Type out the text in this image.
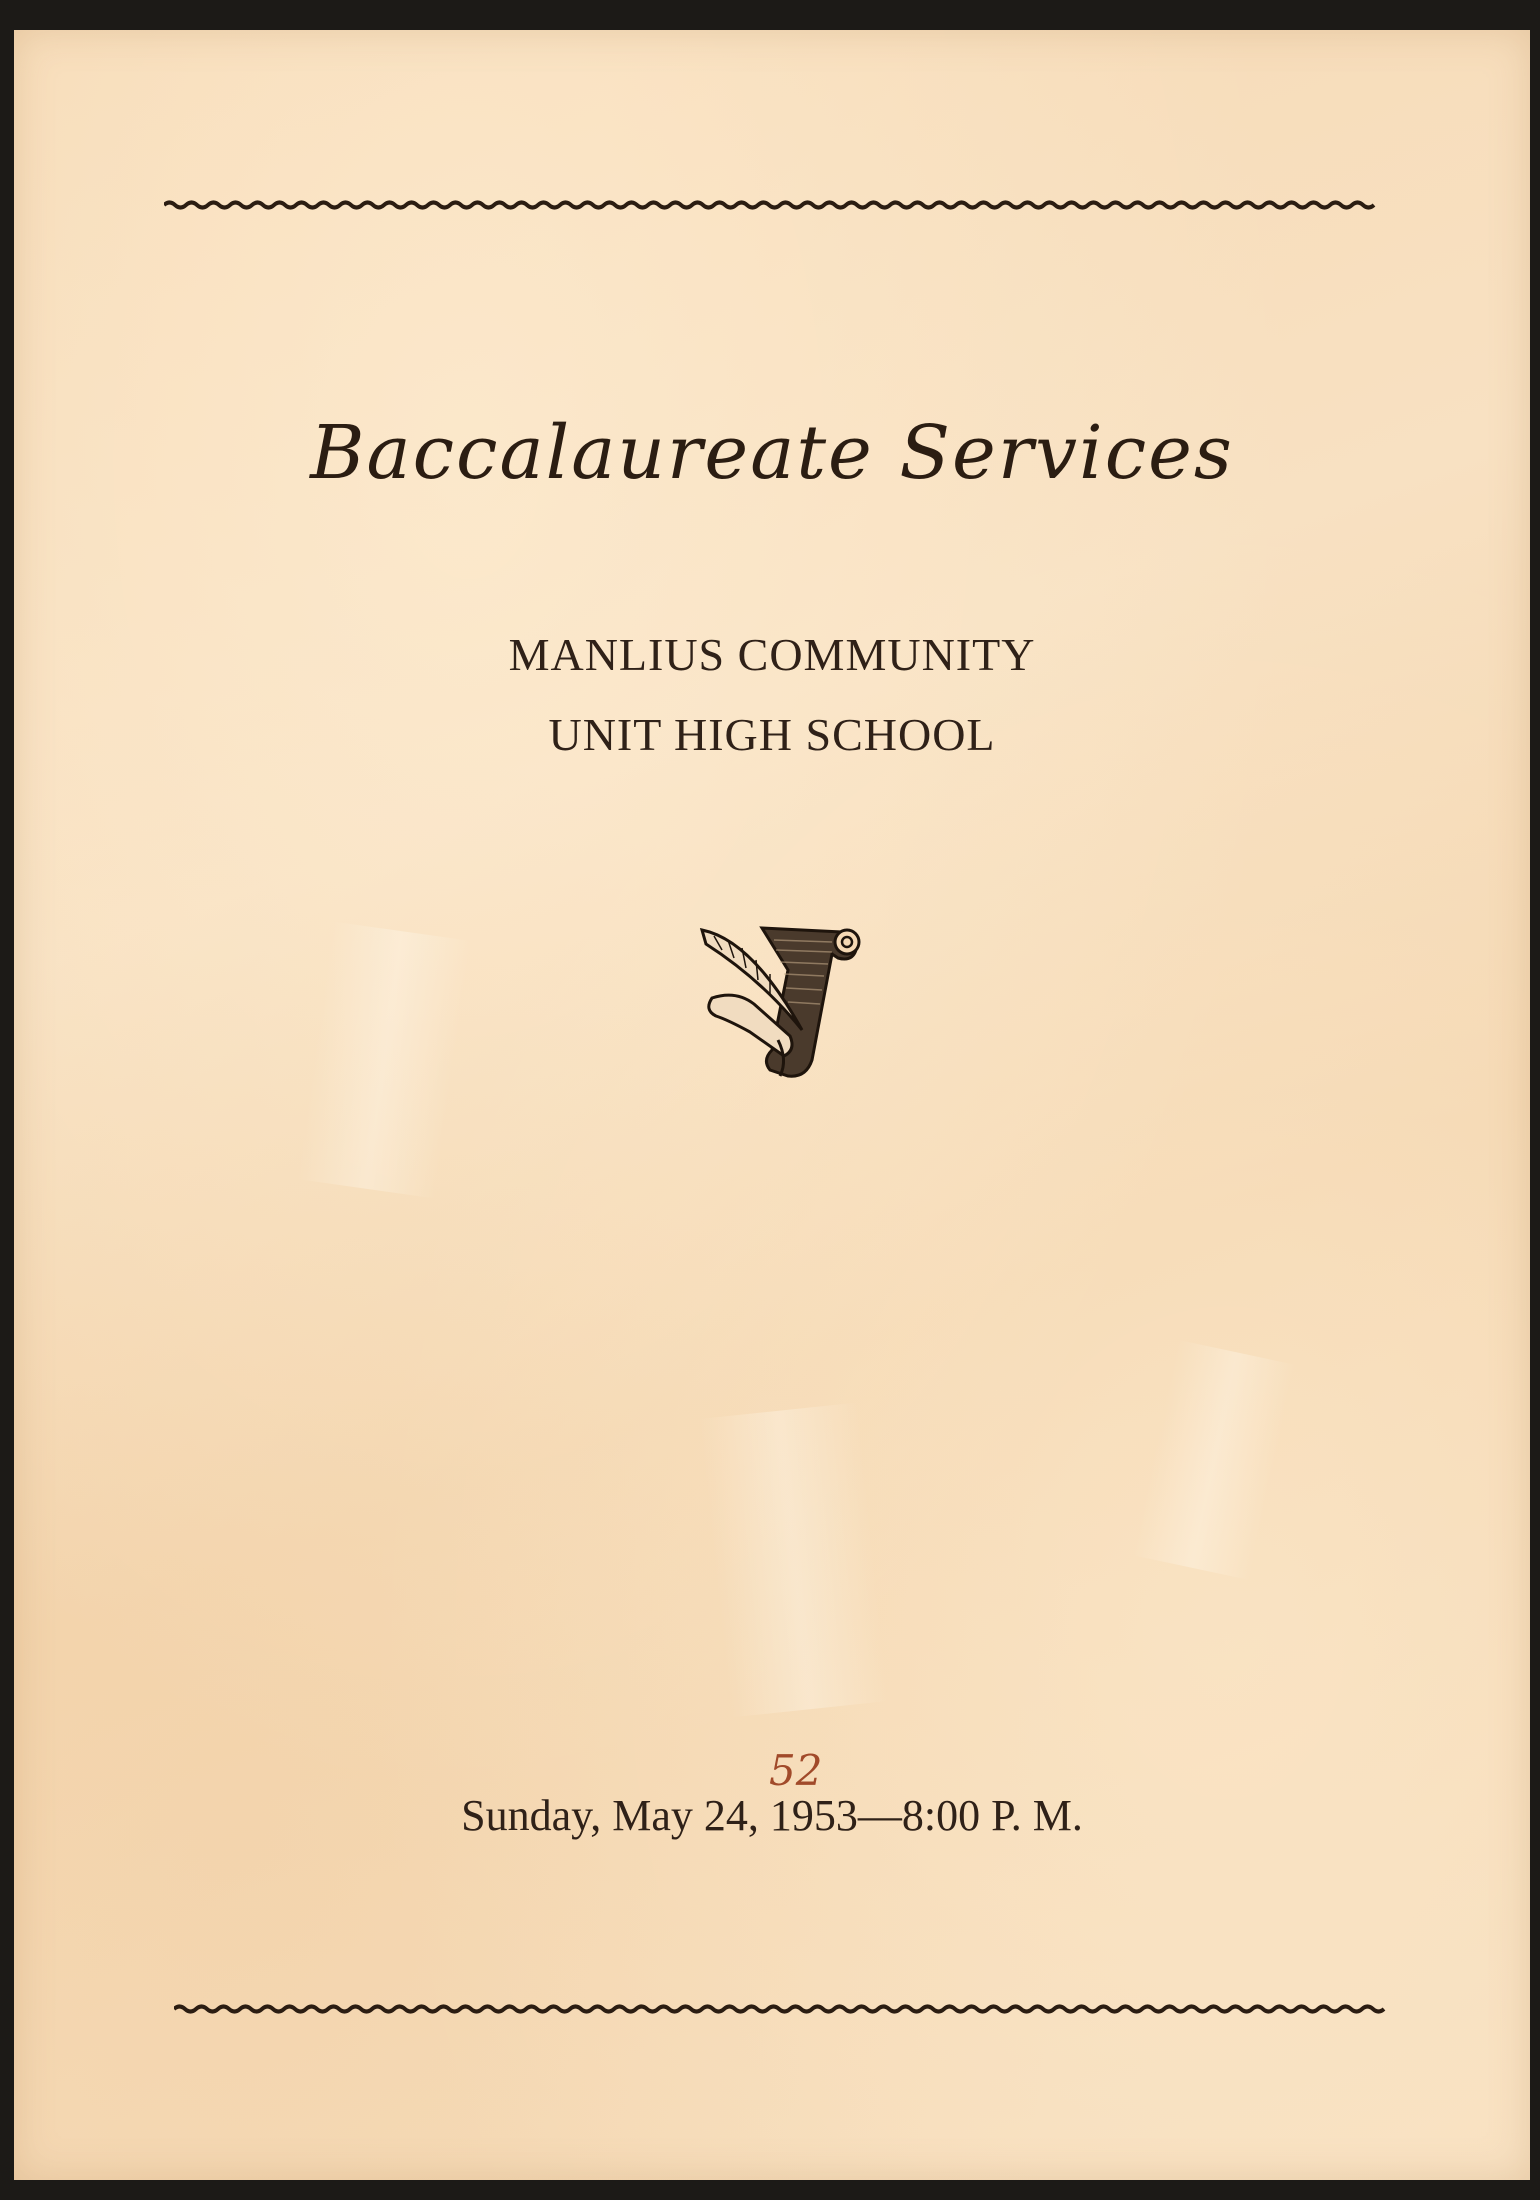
Baccalaureate Services
MANLIUS COMMUNITY
UNIT HIGH SCHOOL
52
Sunday, May 24, 1953—8:00 P. M.
